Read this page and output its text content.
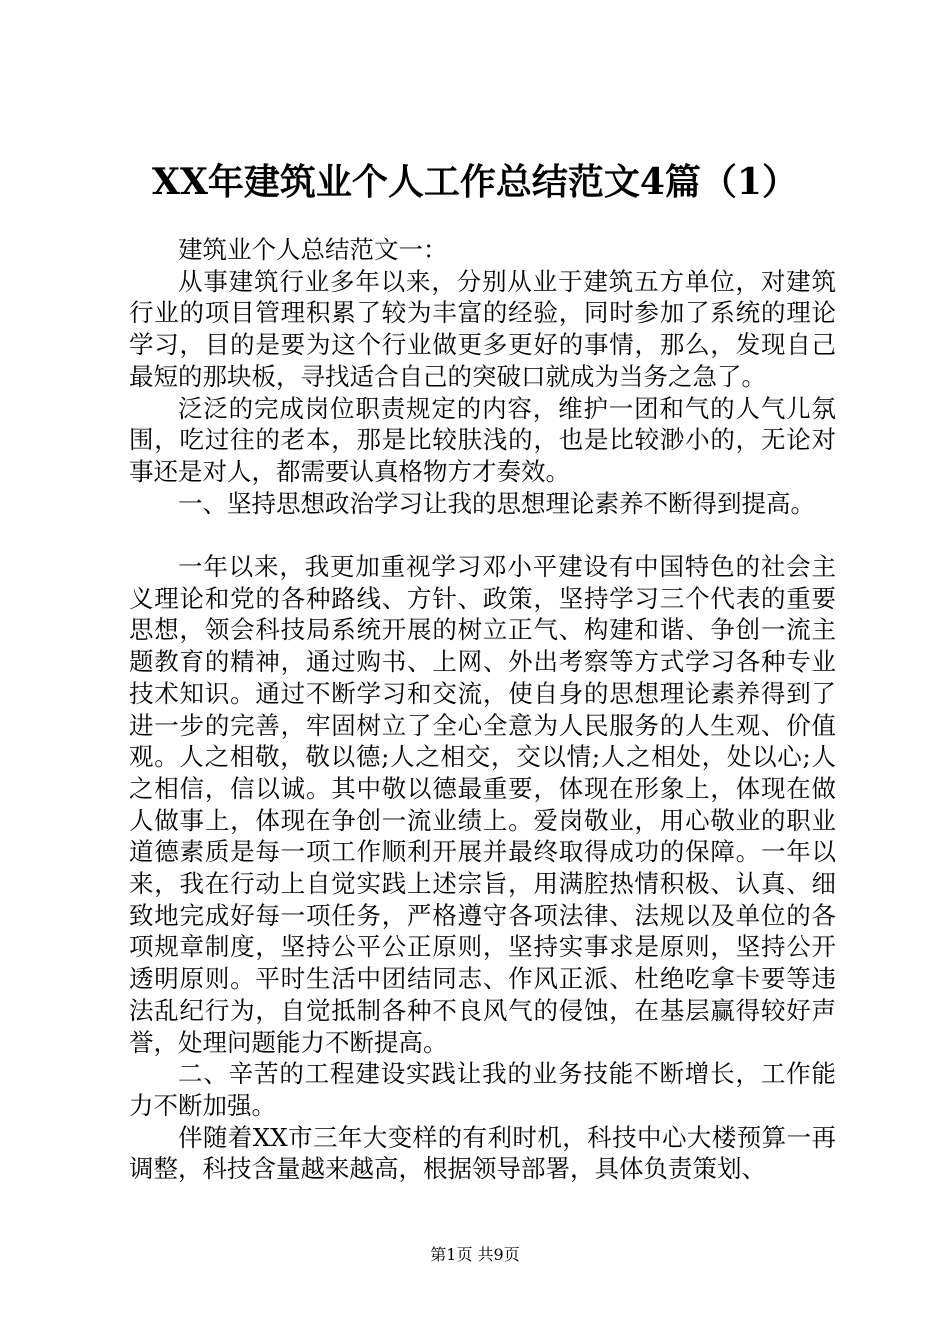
XX年建筑业个人工作总结范文4篇（1）

建筑业个人总结范文一：

从事建筑行业多年以来，分别从业于建筑五方单位，对建筑行业的项目管理积累了较为丰富的经验，同时参加了系统的理论学习，目的是要为这个行业做更多更好的事情，那么，发现自己最短的那块板，寻找适合自己的突破口就成为当务之急了。

泛泛的完成岗位职责规定的内容，维护一团和气的人气儿氛围，吃过往的老本，那是比较肤浅的，也是比较渺小的，无论对事还是对人，都需要认真格物方才奏效。

一、坚持思想政治学习让我的思想理论素养不断得到提高。

一年以来，我更加重视学习邓小平建设有中国特色的社会主义理论和党的各种路线、方针、政策，坚持学习三个代表的重要思想，领会科技局系统开展的树立正气、构建和谐、争创一流主题教育的精神，通过购书、上网、外出考察等方式学习各种专业技术知识。通过不断学习和交流，使自身的思想理论素养得到了进一步的完善，牢固树立了全心全意为人民服务的人生观、价值观。人之相敬，敬以德;人之相交，交以情;人之相处，处以心;人之相信，信以诚。其中敬以德最重要，体现在形象上，体现在做人做事上，体现在争创一流业绩上。爱岗敬业，用心敬业的职业道德素质是每一项工作顺利开展并最终取得成功的保障。一年以来，我在行动上自觉实践上述宗旨，用满腔热情积极、认真、细致地完成好每一项任务，严格遵守各项法律、法规以及单位的各项规章制度，坚持公平公正原则，坚持实事求是原则，坚持公开透明原则。平时生活中团结同志、作风正派、杜绝吃拿卡要等违法乱纪行为，自觉抵制各种不良风气的侵蚀，在基层赢得较好声誉，处理问题能力不断提高。

二、辛苦的工程建设实践让我的业务技能不断增长，工作能力不断加强。

伴随着XX市三年大变样的有利时机，科技中心大楼预算一再调整，科技含量越来越高，根据领导部署，具体负责策划、

第1页 共9页
